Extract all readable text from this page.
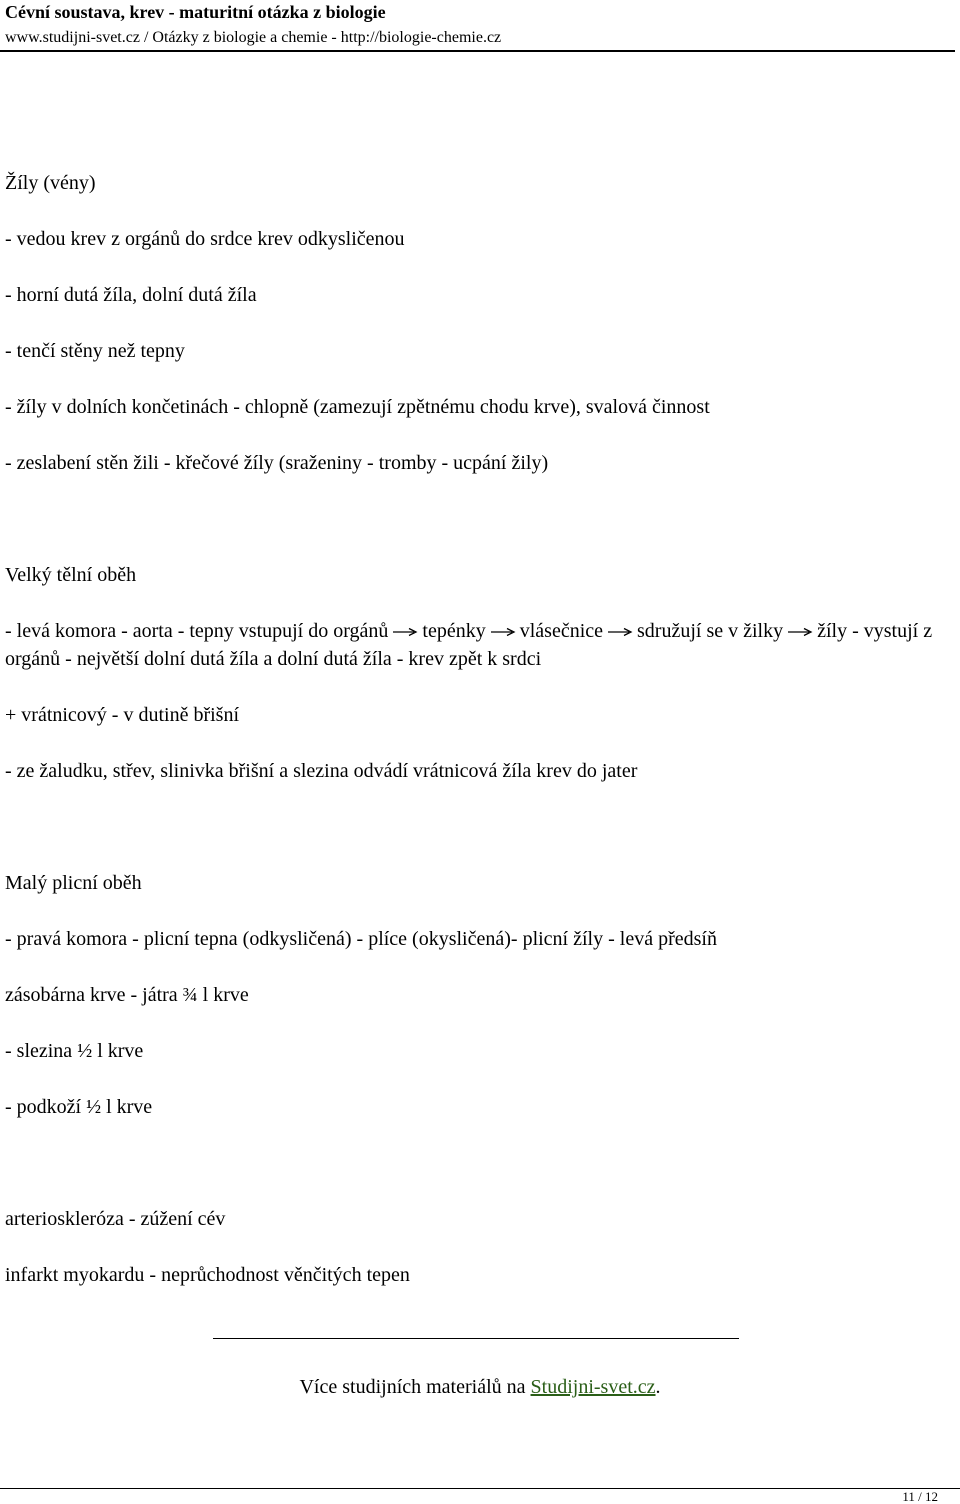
Cévní soustava, krev - maturitní otázka z biologie
www.studijni-svet.cz / Otázky z biologie a chemie - http://biologie-chemie.cz
Žíly (vény)
- vedou krev z orgánů do srdce krev odkysličenou
- horní dutá žíla, dolní dutá žíla
- tenčí stěny než tepny
- žíly v dolních končetinách - chlopně (zamezují zpětnému chodu krve), svalová činnost
- zeslabení stěn žili - křečové žíly (sraženiny - tromby - ucpání žily)
Velký tělní oběh
- levá komora - aorta - tepny vstupují do orgánů tepénky vlásečnice sdružují se v žilky žíly - vystují z orgánů - největší dolní dutá žíla a dolní dutá žíla - krev zpět k srdci
+ vrátnicový - v dutině břišní
- ze žaludku, střev, slinivka břišní a slezina odvádí vrátnicová žíla krev do jater
Malý plicní oběh
- pravá komora - plicní tepna (odkysličená) - plíce (okysličená)- plicní žíly - levá předsíň
zásobárna krve - játra ¾ l krve
- slezina ½ l krve
- podkoží ½ l krve
arterioskleróza - zúžení cév
infarkt myokardu - neprůchodnost věnčitých tepen
Více studijních materiálů na Studijni-svet.cz.
11 / 12
